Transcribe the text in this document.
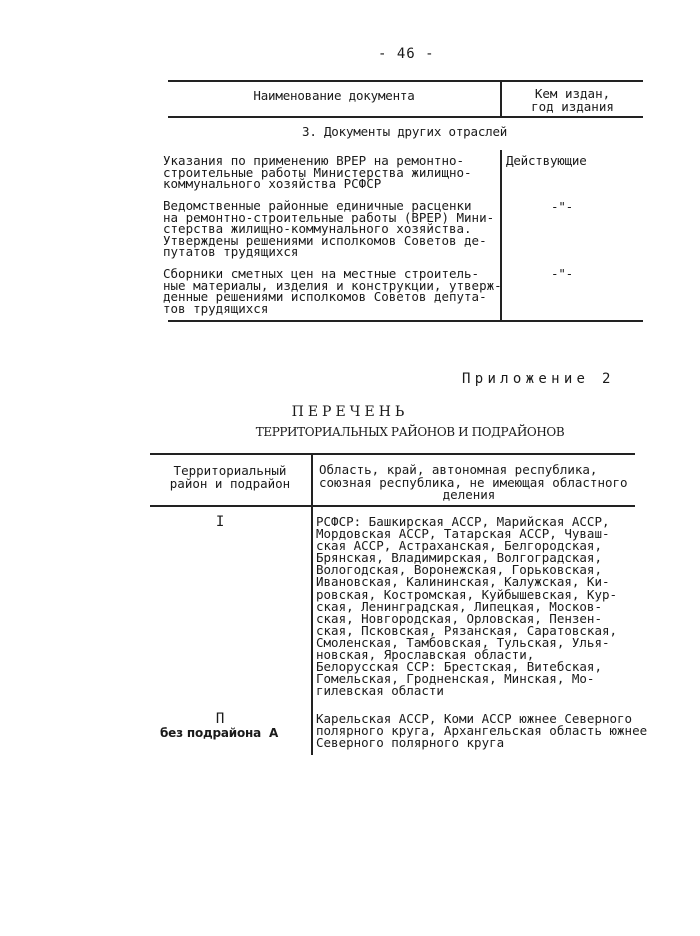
- 46 -
Наименование документа	Кем издан,
год издания
3. Документы других отраслей
Указания по применению ВРЕР на ремонтно-
строительные работы Министерства жилищно-
коммунального хозяйства РСФСР
Действующие
Ведомственные районные единичные расценки
на ремонтно-строительные работы (ВРЕР) Мини-
стерства жилищно-коммунального хозяйства.
Утверждены решениями исполкомов Советов де-
путатов трудящихся
-"-
Сборники сметных цен на местные строитель-
ные материалы, изделия и конструкции, утверж-
денные решениями исполкомов Советов депута-
тов трудящихся
-"-
Приложение 2
ПЕРЕЧЕНЬ
ТЕРРИТОРИАЛЬНЫХ РАЙОНОВ И ПОДРАЙОНОВ
Территориальный
район и подрайон
Область, край, автономная республика,
союзная республика, не имеющая областного
деления
I	РСФСР: Башкирская АССР, Марийская АССР,
Мордовская АССР, Татарская АССР, Чуваш-
ская АССР, Астраханская, Белгородская,
Брянская, Владимирская, Волгоградская,
Вологодская, Воронежская, Горьковская,
Ивановская, Калининская, Калужская, Ки-
ровская, Костромская, Куйбышевская, Кур-
ская, Ленинградская, Липецкая, Москов-
ская, Новгородская, Орловская, Пензен-
ская, Псковская, Рязанская, Саратовская,
Смоленская, Тамбовская, Тульская, Улья-
новская, Ярославская области,
Белорусская ССР: Брестская, Витебская,
Гомельская, Гродненская, Минская, Мо-
гилевская области
П
без подрайона  А
Карельская АССР, Коми АССР южнее Северного
полярного круга, Архангельская область южнее
Северного полярного круга
